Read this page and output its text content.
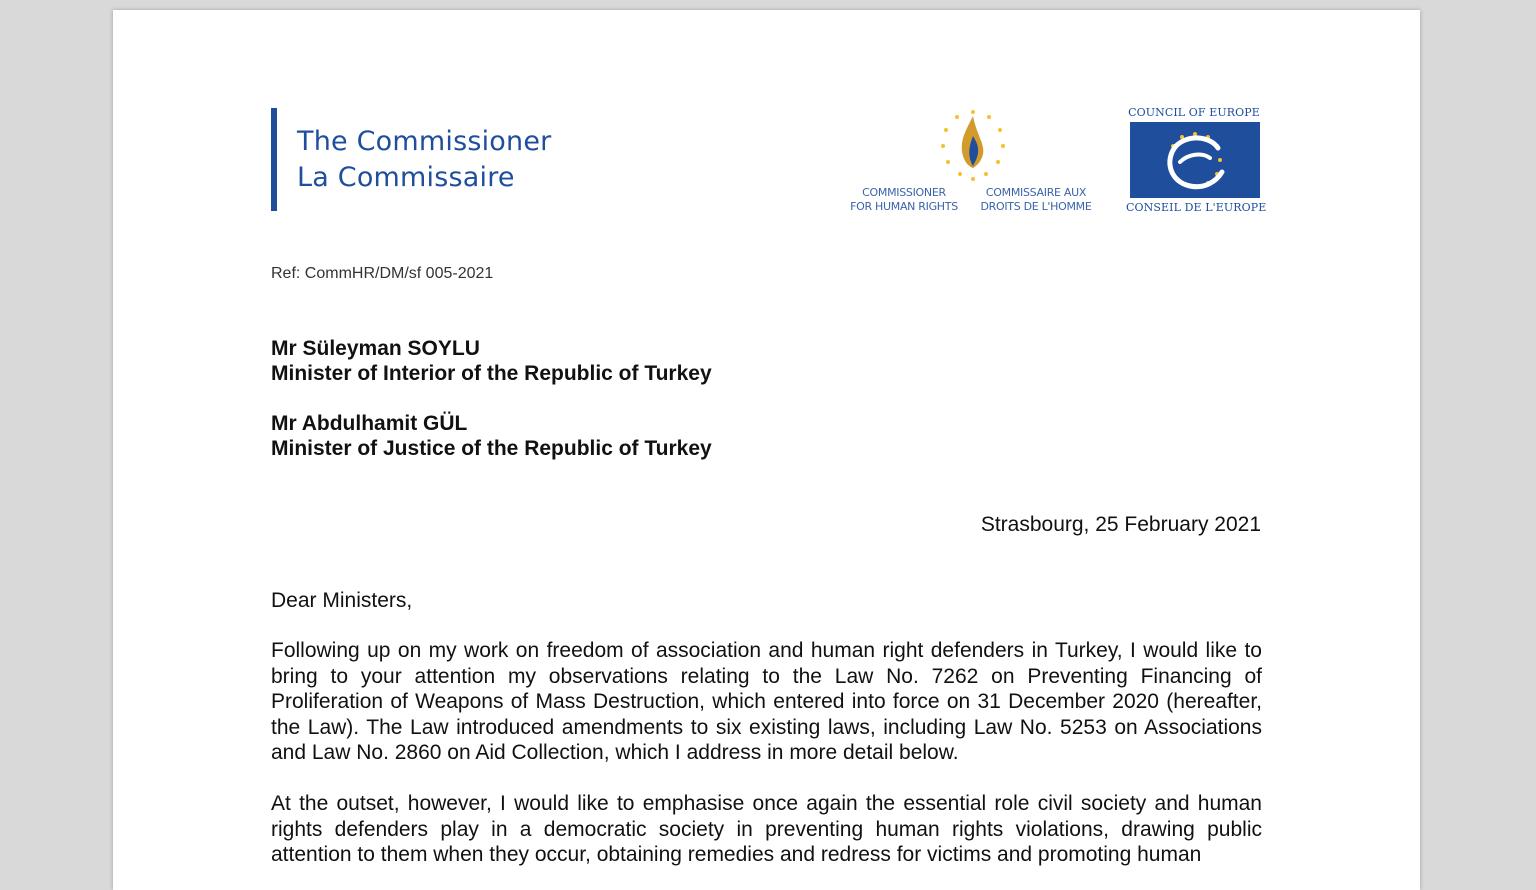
The Commissioner
La Commissaire	COMMISSIONER
FOR HUMAN RIGHTS
COMMISSAIRE AUX
DROITS DE L'HOMME
COUNCIL OF EUROPE
CONSEIL DE L'EUROPE
Ref: CommHR/DM/sf 005-2021
Mr Süleyman SOYLU
Minister of Interior of the Republic of Turkey
Mr Abdulhamit GÜL
Minister of Justice of the Republic of Turkey
Strasbourg, 25 February 2021
Dear Ministers,

Following up on my work on freedom of association and human right defenders in Turkey, I would like to bring to your attention my observations relating to the Law No. 7262 on Preventing Financing of Proliferation of Weapons of Mass Destruction, which entered into force on 31 December 2020 (hereafter, the Law). The Law introduced amendments to six existing laws, including Law No. 5253 on Associations and Law No. 2860 on Aid Collection, which I address in more detail below.

At the outset, however, I would like to emphasise once again the essential role civil society and human rights defenders play in a democratic society in preventing human rights violations, drawing public attention to them when they occur, obtaining remedies and redress for victims and promoting human
